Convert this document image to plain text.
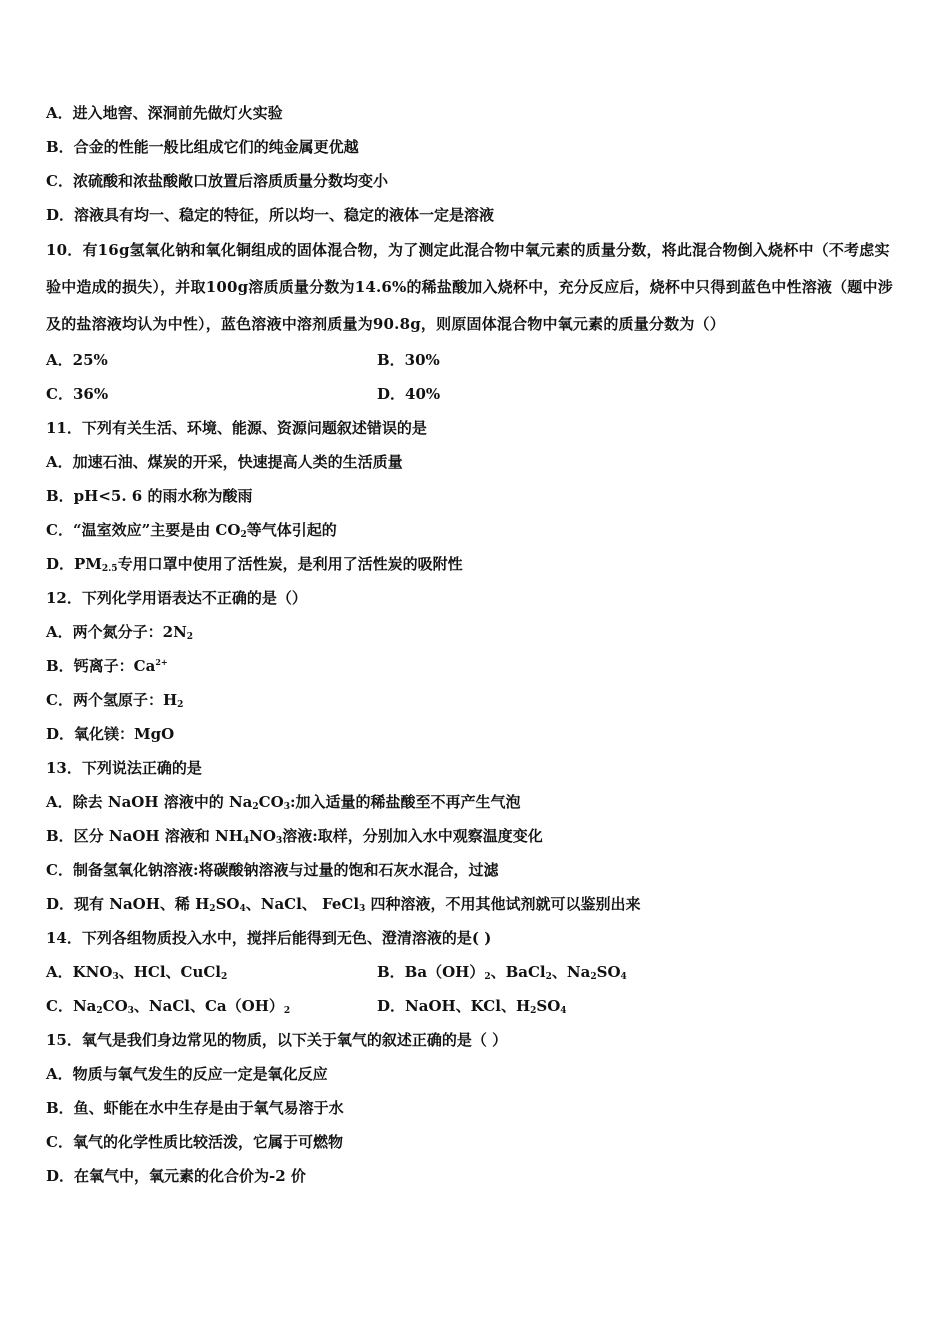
A．进入地窖、深洞前先做灯火实验
B．合金的性能一般比组成它们的纯金属更优越
C．浓硫酸和浓盐酸敞口放置后溶质质量分数均变小
D．溶液具有均一、稳定的特征，所以均一、稳定的液体一定是溶液
10．有16g氢氧化钠和氧化铜组成的固体混合物，为了测定此混合物中氧元素的质量分数，将此混合物倒入烧杯中（不考虑实验中造成的损失），并取100g溶质质量分数为14.6%的稀盐酸加入烧杯中，充分反应后，烧杯中只得到蓝色中性溶液（题中涉及的盐溶液均认为中性），蓝色溶液中溶剂质量为90.8g，则原固体混合物中氧元素的质量分数为（）
A．25%	B．30%
C．36%	D．40%
11．下列有关生活、环境、能源、资源问题叙述错误的是
A．加速石油、煤炭的开采，快速提高人类的生活质量
B．pH<5. 6 的雨水称为酸雨
C．“温室效应”主要是由 $CO_2$等气体引起的
D．$PM_{2.5}$专用口罩中使用了活性炭，是利用了活性炭的吸附性
12．下列化学用语表达不正确的是（）
A．两个氮分子：$2N_2$
B．钙离子：$Ca^{2+}$
C．两个氢原子：$H_2$
D．氧化镁：MgO
13．下列说法正确的是
A．除去 NaOH 溶液中的 $Na_2CO_3$:加入适量的稀盐酸至不再产生气泡
B．区分 NaOH 溶液和 $NH_4NO_3$溶液:取样，分别加入水中观察温度变化
C．制备氢氧化钠溶液:将碳酸钠溶液与过量的饱和石灰水混合，过滤
D．现有 NaOH、稀 $H_2SO_4$、NaCl、 FeCl$_3$ 四种溶液，不用其他试剂就可以鉴别出来
14．下列各组物质投入水中，搅拌后能得到无色、澄清溶液的是( )
A．$KNO_3$、HCl、CuCl$_2$	B．$Ba(OH)_2$、BaCl$_2$、$Na_2SO_4$
C．$Na_2CO_3$、NaCl、$Ca(OH)_2$	D．NaOH、KCl、$H_2SO_4$
15．氧气是我们身边常见的物质，以下关于氧气的叙述正确的是（ ）
A．物质与氧气发生的反应一定是氧化反应
B．鱼、虾能在水中生存是由于氧气易溶于水
C．氧气的化学性质比较活泼，它属于可燃物
D．在氧气中，氧元素的化合价为-2 价
